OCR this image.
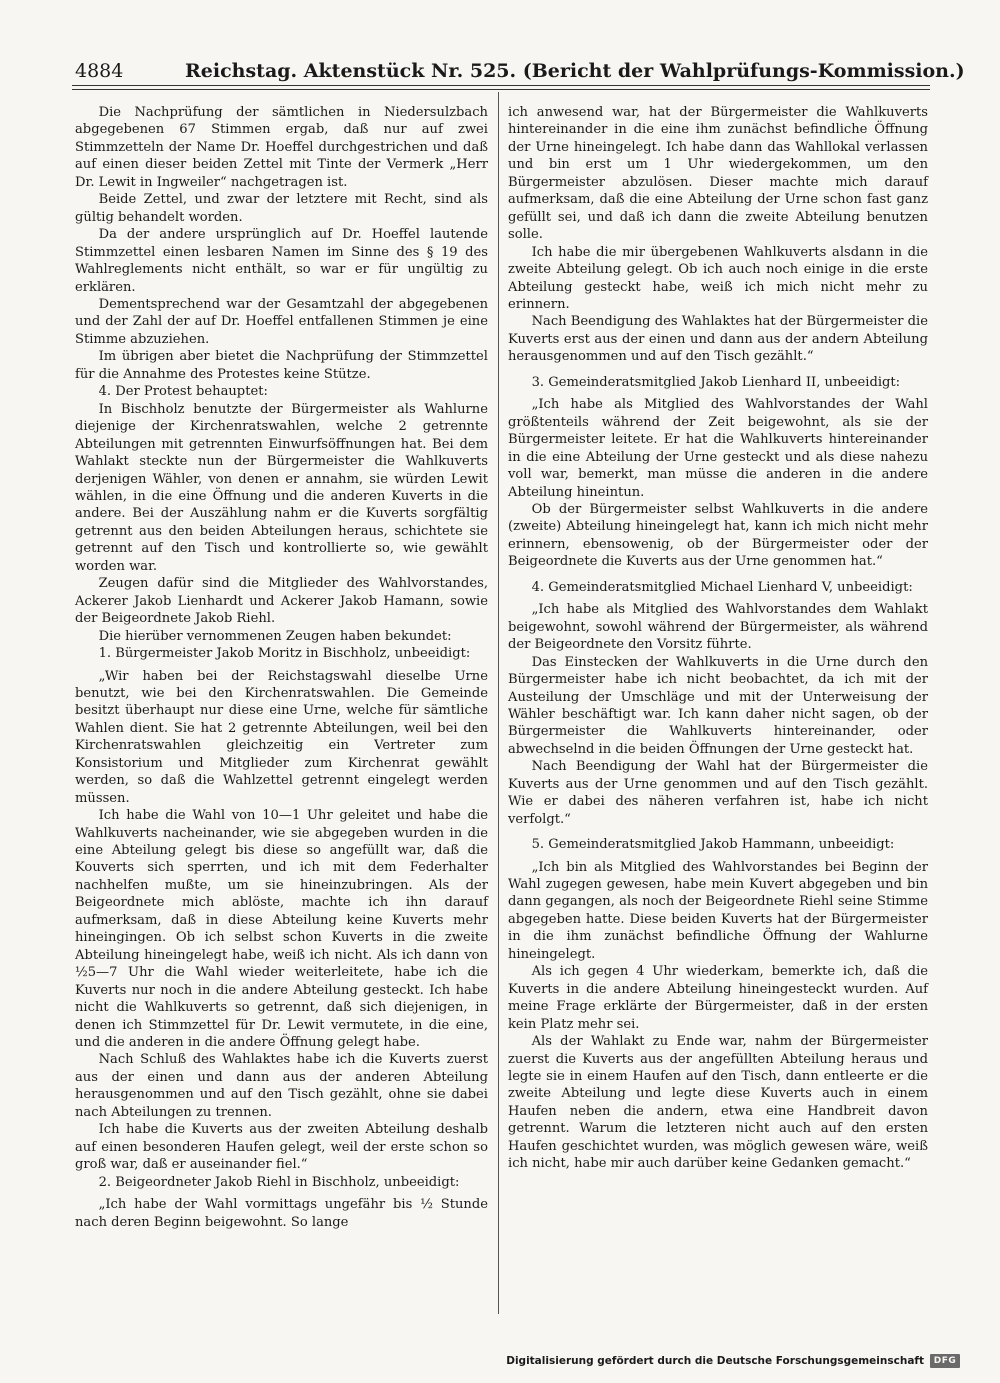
4884	Reichstag. Aktenstück Nr. 525. (Bericht der Wahlprüfungs-Kommission.)

Die Nachprüfung der sämtlichen in Niedersulzbach abgegebenen 67 Stimmen ergab, daß nur auf zwei Stimmzetteln der Name Dr. Hoeffel durchgestrichen und daß auf einen dieser beiden Zettel mit Tinte der Vermerk „Herr Dr. Lewit in Ingweiler“ nachgetragen ist.

Beide Zettel, und zwar der letztere mit Recht, sind als gültig behandelt worden.

Da der andere ursprünglich auf Dr. Hoeffel lautende Stimmzettel einen lesbaren Namen im Sinne des § 19 des Wahlreglements nicht enthält, so war er für ungültig zu erklären.

Dementsprechend war der Gesamtzahl der abgegebenen und der Zahl der auf Dr. Hoeffel entfallenen Stimmen je eine Stimme abzuziehen.

Im übrigen aber bietet die Nachprüfung der Stimmzettel für die Annahme des Protestes keine Stütze.

4. Der Protest behauptet:

In Bischholz benutzte der Bürgermeister als Wahlurne diejenige der Kirchenratswahlen, welche 2 getrennte Abteilungen mit getrennten Einwurfsöffnungen hat. Bei dem Wahlakt steckte nun der Bürgermeister die Wahlkuverts derjenigen Wähler, von denen er annahm, sie würden Lewit wählen, in die eine Öffnung und die anderen Kuverts in die andere. Bei der Auszählung nahm er die Kuverts sorgfältig getrennt aus den beiden Abteilungen heraus, schichtete sie getrennt auf den Tisch und kontrollierte so, wie gewählt worden war.

Zeugen dafür sind die Mitglieder des Wahlvorstandes, Ackerer Jakob Lienhardt und Ackerer Jakob Hamann, sowie der Beigeordnete Jakob Riehl.

Die hierüber vernommenen Zeugen haben bekundet:

1. Bürgermeister Jakob Moritz in Bischholz, unbeeidigt:

„Wir haben bei der Reichstagswahl dieselbe Urne benutzt, wie bei den Kirchenratswahlen. Die Gemeinde besitzt überhaupt nur diese eine Urne, welche für sämtliche Wahlen dient. Sie hat 2 getrennte Abteilungen, weil bei den Kirchenratswahlen gleichzeitig ein Vertreter zum Konsistorium und Mitglieder zum Kirchenrat gewählt werden, so daß die Wahlzettel getrennt eingelegt werden müssen.

Ich habe die Wahl von 10—1 Uhr geleitet und habe die Wahlkuverts nacheinander, wie sie abgegeben wurden in die eine Abteilung gelegt bis diese so angefüllt war, daß die Kouverts sich sperrten, und ich mit dem Federhalter nachhelfen mußte, um sie hineinzubringen. Als der Beigeordnete mich ablöste, machte ich ihn darauf aufmerksam, daß in diese Abteilung keine Kuverts mehr hineingingen. Ob ich selbst schon Kuverts in die zweite Abteilung hineingelegt habe, weiß ich nicht. Als ich dann von ½5—7 Uhr die Wahl wieder weiterleitete, habe ich die Kuverts nur noch in die andere Abteilung gesteckt. Ich habe nicht die Wahlkuverts so getrennt, daß sich diejenigen, in denen ich Stimmzettel für Dr. Lewit vermutete, in die eine, und die anderen in die andere Öffnung gelegt habe.

Nach Schluß des Wahlaktes habe ich die Kuverts zuerst aus der einen und dann aus der anderen Abteilung herausgenommen und auf den Tisch gezählt, ohne sie dabei nach Abteilungen zu trennen.

Ich habe die Kuverts aus der zweiten Abteilung deshalb auf einen besonderen Haufen gelegt, weil der erste schon so groß war, daß er auseinander fiel.“

2. Beigeordneter Jakob Riehl in Bischholz, unbeeidigt:

„Ich habe der Wahl vormittags ungefähr bis ½ Stunde nach deren Beginn beigewohnt. So lange

ich anwesend war, hat der Bürgermeister die Wahlkuverts hintereinander in die eine ihm zunächst befindliche Öffnung der Urne hineingelegt. Ich habe dann das Wahllokal verlassen und bin erst um 1 Uhr wiedergekommen, um den Bürgermeister abzulösen. Dieser machte mich darauf aufmerksam, daß die eine Abteilung der Urne schon fast ganz gefüllt sei, und daß ich dann die zweite Abteilung benutzen solle.

Ich habe die mir übergebenen Wahlkuverts alsdann in die zweite Abteilung gelegt. Ob ich auch noch einige in die erste Abteilung gesteckt habe, weiß ich mich nicht mehr zu erinnern.

Nach Beendigung des Wahlaktes hat der Bürgermeister die Kuverts erst aus der einen und dann aus der andern Abteilung herausgenommen und auf den Tisch gezählt.“

3. Gemeinderatsmitglied Jakob Lienhard II, unbeeidigt:

„Ich habe als Mitglied des Wahlvorstandes der Wahl größtenteils während der Zeit beigewohnt, als sie der Bürgermeister leitete. Er hat die Wahlkuverts hintereinander in die eine Abteilung der Urne gesteckt und als diese nahezu voll war, bemerkt, man müsse die anderen in die andere Abteilung hineintun.

Ob der Bürgermeister selbst Wahlkuverts in die andere (zweite) Abteilung hineingelegt hat, kann ich mich nicht mehr erinnern, ebensowenig, ob der Bürgermeister oder der Beigeordnete die Kuverts aus der Urne genommen hat.“

4. Gemeinderatsmitglied Michael Lienhard V, unbeeidigt:

„Ich habe als Mitglied des Wahlvorstandes dem Wahlakt beigewohnt, sowohl während der Bürgermeister, als während der Beigeordnete den Vorsitz führte.

Das Einstecken der Wahlkuverts in die Urne durch den Bürgermeister habe ich nicht beobachtet, da ich mit der Austeilung der Umschläge und mit der Unterweisung der Wähler beschäftigt war. Ich kann daher nicht sagen, ob der Bürgermeister die Wahlkuverts hintereinander, oder abwechselnd in die beiden Öffnungen der Urne gesteckt hat.

Nach Beendigung der Wahl hat der Bürgermeister die Kuverts aus der Urne genommen und auf den Tisch gezählt. Wie er dabei des näheren verfahren ist, habe ich nicht verfolgt.“

5. Gemeinderatsmitglied Jakob Hammann, unbeeidigt:

„Ich bin als Mitglied des Wahlvorstandes bei Beginn der Wahl zugegen gewesen, habe mein Kuvert abgegeben und bin dann gegangen, als noch der Beigeordnete Riehl seine Stimme abgegeben hatte. Diese beiden Kuverts hat der Bürgermeister in die ihm zunächst befindliche Öffnung der Wahlurne hineingelegt.

Als ich gegen 4 Uhr wiederkam, bemerkte ich, daß die Kuverts in die andere Abteilung hineingesteckt wurden. Auf meine Frage erklärte der Bürgermeister, daß in der ersten kein Platz mehr sei.

Als der Wahlakt zu Ende war, nahm der Bürgermeister zuerst die Kuverts aus der angefüllten Abteilung heraus und legte sie in einem Haufen auf den Tisch, dann entleerte er die zweite Abteilung und legte diese Kuverts auch in einem Haufen neben die andern, etwa eine Handbreit davon getrennt. Warum die letzteren nicht auch auf den ersten Haufen geschichtet wurden, was möglich gewesen wäre, weiß ich nicht, habe mir auch darüber keine Gedanken gemacht.“

Digitalisierung gefördert durch die Deutsche Forschungsgemeinschaft	DFG
